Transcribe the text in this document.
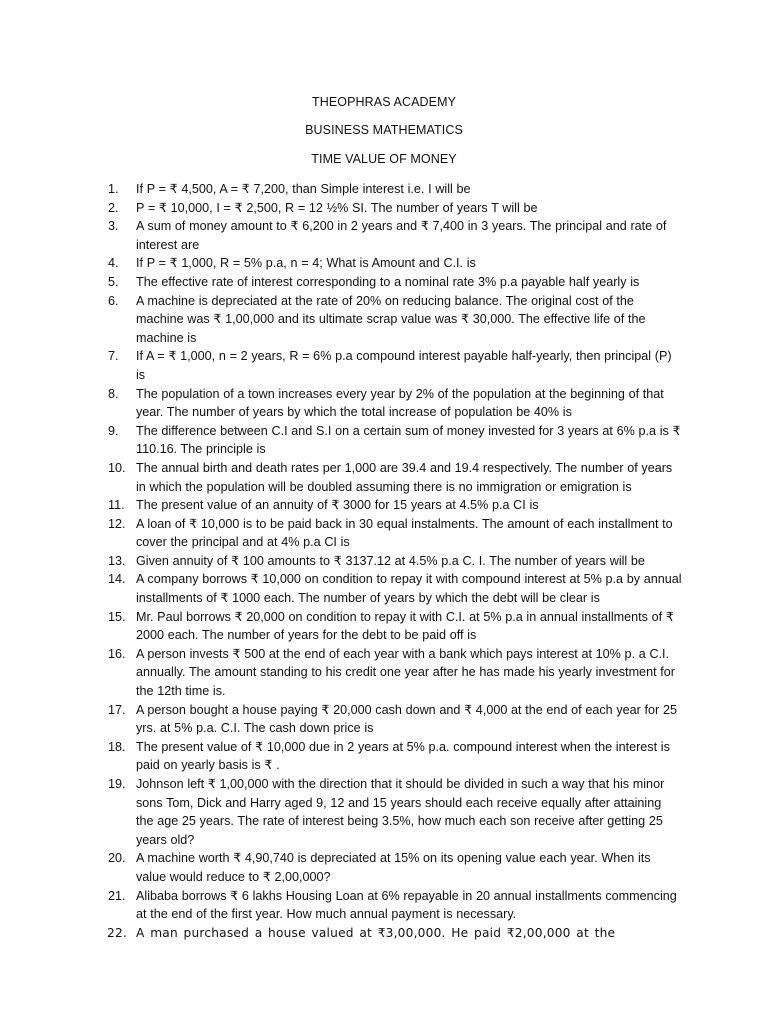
THEOPHRAS ACADEMY
BUSINESS MATHEMATICS
TIME VALUE OF MONEY
1. If P = ₹ 4,500, A = ₹ 7,200, than Simple interest i.e. I will be
2. P = ₹ 10,000, I = ₹ 2,500, R = 12 ½% SI. The number of years T will be
3. A sum of money amount to ₹ 6,200 in 2 years and ₹ 7,400 in 3 years. The principal and rate of interest are
4. If P = ₹ 1,000, R = 5% p.a, n = 4; What is Amount and C.I. is
5. The effective rate of interest corresponding to a nominal rate 3% p.a payable half yearly is
6. A machine is depreciated at the rate of 20% on reducing balance. The original cost of the machine was ₹ 1,00,000 and its ultimate scrap value was ₹ 30,000. The effective life of the machine is
7. If A = ₹ 1,000, n = 2 years, R = 6% p.a compound interest payable half-yearly, then principal (P) is
8. The population of a town increases every year by 2% of the population at the beginning of that year. The number of years by which the total increase of population be 40% is
9. The difference between C.I and S.I on a certain sum of money invested for 3 years at 6% p.a is ₹ 110.16. The principle is
10. The annual birth and death rates per 1,000 are 39.4 and 19.4 respectively. The number of years in which the population will be doubled assuming there is no immigration or emigration is
11. The present value of an annuity of ₹ 3000 for 15 years at 4.5% p.a CI is
12. A loan of ₹ 10,000 is to be paid back in 30 equal instalments. The amount of each installment to cover the principal and at 4% p.a CI is
13. Given annuity of ₹ 100 amounts to ₹ 3137.12 at 4.5% p.a C. I. The number of years will be
14. A company borrows ₹ 10,000 on condition to repay it with compound interest at 5% p.a by annual installments of ₹ 1000 each. The number of years by which the debt will be clear is
15. Mr. Paul borrows ₹ 20,000 on condition to repay it with C.I. at 5% p.a in annual installments of ₹ 2000 each. The number of years for the debt to be paid off is
16. A person invests ₹ 500 at the end of each year with a bank which pays interest at 10% p. a C.I. annually. The amount standing to his credit one year after he has made his yearly investment for the 12th time is.
17. A person bought a house paying ₹ 20,000 cash down and ₹ 4,000 at the end of each year for 25 yrs. at 5% p.a. C.I. The cash down price is
18. The present value of ₹ 10,000 due in 2 years at 5% p.a. compound interest when the interest is paid on yearly basis is ₹ .
19. Johnson left ₹ 1,00,000 with the direction that it should be divided in such a way that his minor sons Tom, Dick and Harry aged 9, 12 and 15 years should each receive equally after attaining the age 25 years. The rate of interest being 3.5%, how much each son receive after getting 25 years old?
20. A machine worth ₹ 4,90,740 is depreciated at 15% on its opening value each year. When its value would reduce to ₹ 2,00,000?
21. Alibaba borrows ₹ 6 lakhs Housing Loan at 6% repayable in 20 annual installments commencing at the end of the first year. How much annual payment is necessary.
22. A man purchased a house valued at ₹3,00,000. He paid ₹2,00,000 at the
